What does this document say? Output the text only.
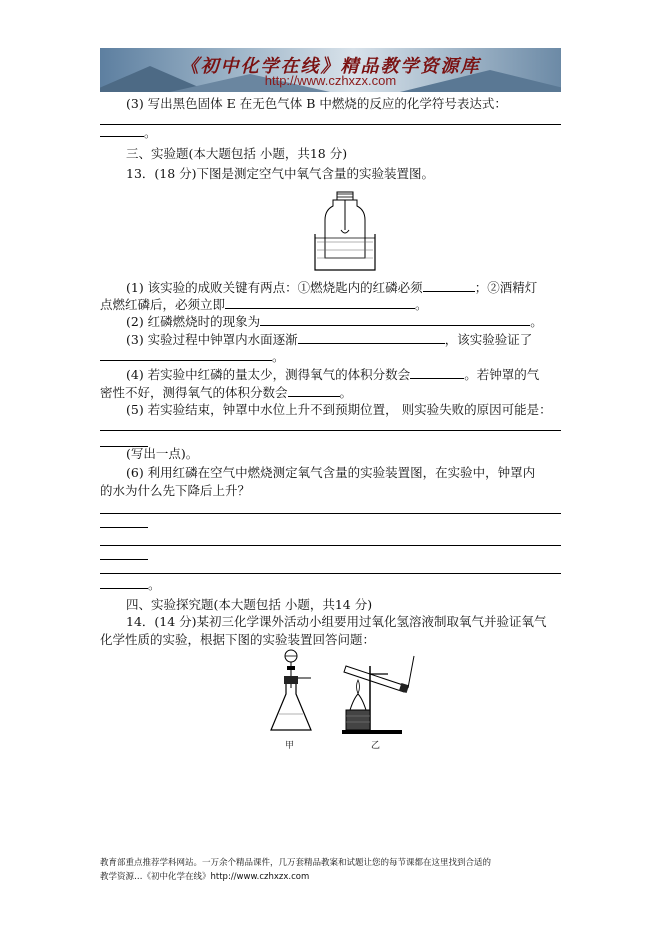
《初中化学在线》精品教学资源库
http://www.czhxzx.com
(3) 写出黑色固体 E 在无色气体 B 中燃烧的反应的化学符号表达式：
。
三、实验题(本大题包括 小题，共18 分)
13．(18 分)下图是测定空气中氧气含量的实验装置图。
(1) 该实验的成败关键有两点：①燃烧匙内的红磷必须	；②酒精灯
点燃红磷后，必须立即	。
(2) 红磷燃烧时的现象为	。
(3) 实验过程中钟罩内水面逐渐	，该实验验证了
。
(4) 若实验中红磷的量太少，测得氧气的体积分数会	。若钟罩的气
密性不好，测得氧气的体积分数会	。
(5) 若实验结束，钟罩中水位上升不到预期位置， 则实验失败的原因可能是：
(写出一点)。
(6) 利用红磷在空气中燃烧测定氧气含量的实验装置图，在实验中，钟罩内
的水为什么先下降后上升？
。
四、实验探究题(本大题包括 小题，共14 分)
14．(14 分)某初三化学课外活动小组要用过氧化氢溶液制取氧气并验证氧气
化学性质的实验，根据下图的实验装置回答问题：
甲	乙
教育部重点推荐学科网站。一万余个精品课件，几万套精品教案和试题让您的每节课都在这里找到合适的
教学资源…《初中化学在线》http://www.czhxzx.com
